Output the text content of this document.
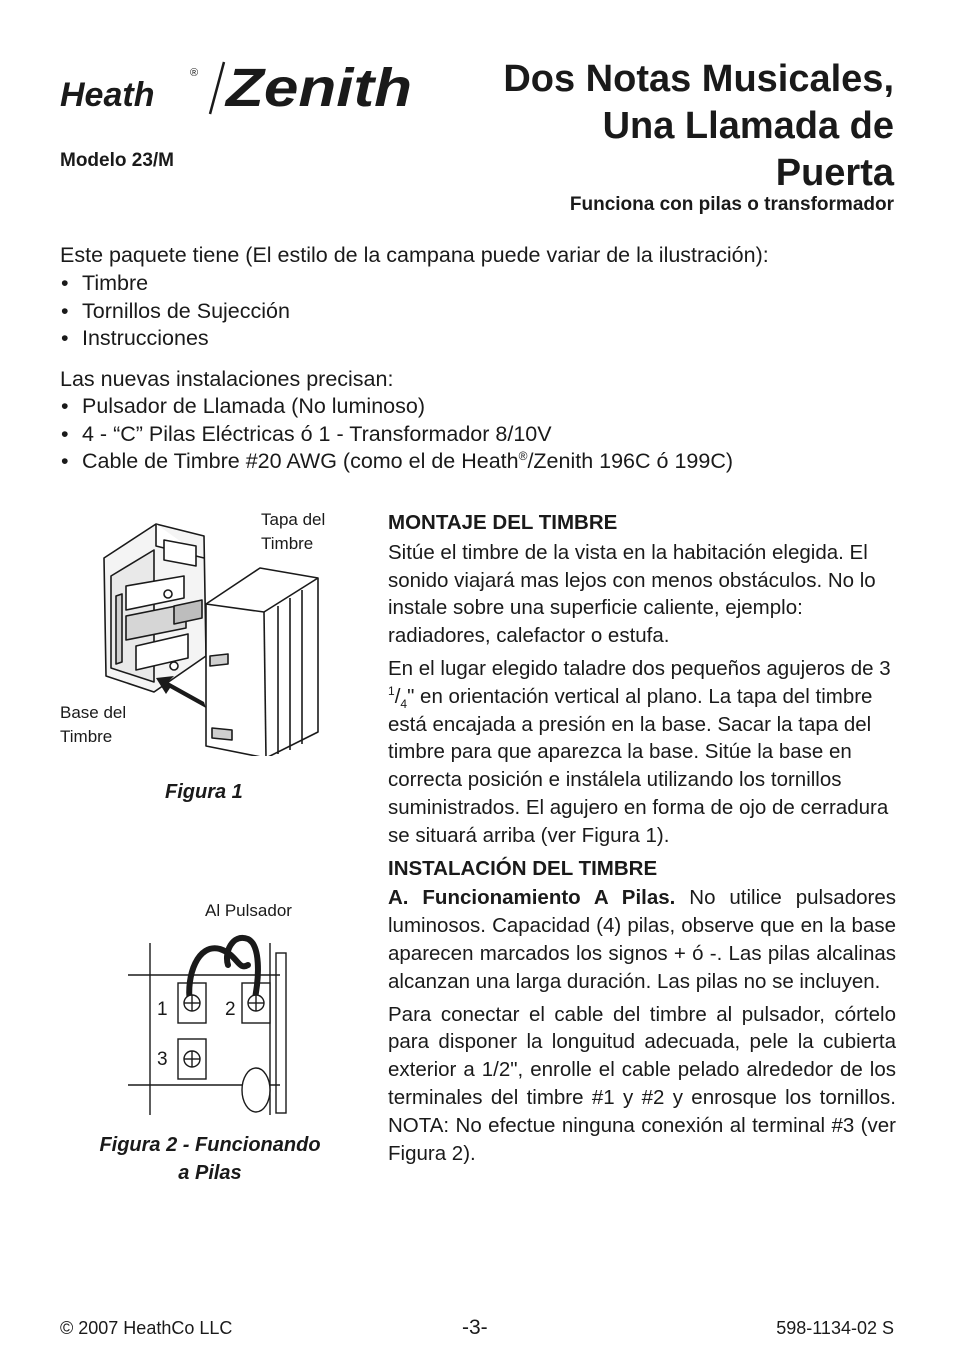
Heath
® Zenith
Modelo 23/M
Dos Notas Musicales,
Una Llamada de
Puerta
Funciona con pilas o transformador
Este paquete tiene (El estilo de la campana puede variar de la ilustración):
• Timbre
• Tornillos de Sujección
• Instrucciones
Las nuevas instalaciones precisan:
• Pulsador de Llamada (No luminoso)
• 4 - “C” Pilas Eléctricas ó 1 - Transformador 8/10V
• Cable de Timbre #20 AWG (como el de Heath®/Zenith 196C ó 199C)
Tapa del
Timbre
Base del
Timbre
Figura 1
Al Pulsador
1	2
3
Figura 2 - Funcionando
a Pilas
MONTAJE DEL TIMBRE

Sitúe el timbre de la vista en la habitación elegida. El sonido viajará mas lejos con menos obstáculos. No lo instale sobre una superficie caliente, ejemplo: radiadores, calefactor o estufa.

En el lugar elegido taladre dos pequeños agujeros de 3 $^1/_4$" en orientación vertical al plano. La tapa del timbre está encajada a presión en la base. Sacar la tapa del timbre para que aparezca la base. Sitúe la base en correcta posición e instálela utilizando los tornillos suministrados. El agujero en forma de ojo de cerradura se situará arriba (ver Figura 1).

INSTALACIÓN DEL TIMBRE

A. Funcionamiento A Pilas. No utilice pulsadores luminosos. Capacidad (4) pilas, observe que en la base aparecen marcados los signos + ó -. Las pilas alcalinas alcanzan una larga duración. Las pilas no se incluyen.

Para conectar el cable del timbre al pulsador, córtelo para disponer la longuitud adecuada, pele la cubierta exterior a 1/2", enrolle el cable pelado alrededor de los terminales del timbre #1 y #2 y enrosque los tornillos. NOTA: No efectue ninguna conexión al terminal #3 (ver Figura 2).

© 2007 HeathCo LLC	-3-	598-1134-02 S
